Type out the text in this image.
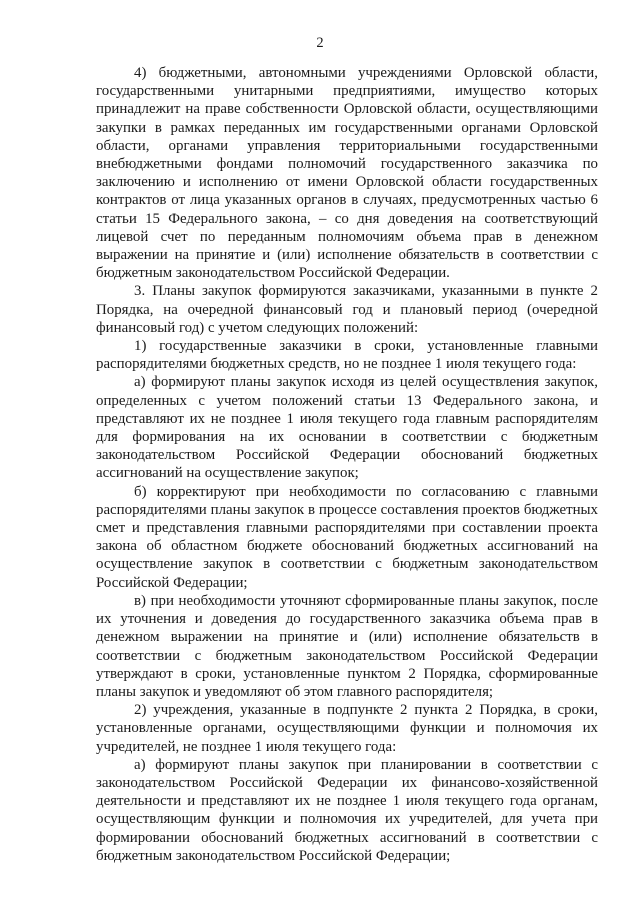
2

4) бюджетными, автономными учреждениями Орловской области, государственными унитарными предприятиями, имущество которых принадлежит на праве собственности Орловской области, осуществляющими закупки в рамках переданных им государственными органами Орловской области, органами управления территориальными государственными внебюджетными фондами полномочий государственного заказчика по заключению и исполнению от имени Орловской области государственных контрактов от лица указанных органов в случаях, предусмотренных частью 6 статьи 15 Федерального закона, – со дня доведения на соответствующий лицевой счет по переданным полномочиям объема прав в денежном выражении на принятие и (или) исполнение обязательств в соответствии с бюджетным законодательством Российской Федерации.

3. Планы закупок формируются заказчиками, указанными в пункте 2 Порядка, на очередной финансовый год и плановый период (очередной финансовый год) с учетом следующих положений:

1) государственные заказчики в сроки, установленные главными распорядителями бюджетных средств, но не позднее 1 июля текущего года:

а) формируют планы закупок исходя из целей осуществления закупок, определенных с учетом положений статьи 13 Федерального закона, и представляют их не позднее 1 июля текущего года главным распорядителям для формирования на их основании в соответствии с бюджетным законодательством Российской Федерации обоснований бюджетных ассигнований на осуществление закупок;

б) корректируют при необходимости по согласованию с главными распорядителями планы закупок в процессе составления проектов бюджетных смет и представления главными распорядителями при составлении проекта закона об областном бюджете обоснований бюджетных ассигнований на осуществление закупок в соответствии с бюджетным законодательством Российской Федерации;

в) при необходимости уточняют сформированные планы закупок, после их уточнения и доведения до государственного заказчика объема прав в денежном выражении на принятие и (или) исполнение обязательств в соответствии с бюджетным законодательством Российской Федерации утверждают в сроки, установленные пунктом 2 Порядка, сформированные планы закупок и уведомляют об этом главного распорядителя;

2) учреждения, указанные в подпункте 2 пункта 2 Порядка, в сроки, установленные органами, осуществляющими функции и полномочия их учредителей, не позднее 1 июля текущего года:

а) формируют планы закупок при планировании в соответствии с законодательством Российской Федерации их финансово-хозяйственной деятельности и представляют их не позднее 1 июля текущего года органам, осуществляющим функции и полномочия их учредителей, для учета при формировании обоснований бюджетных ассигнований в соответствии с бюджетным законодательством Российской Федерации;
